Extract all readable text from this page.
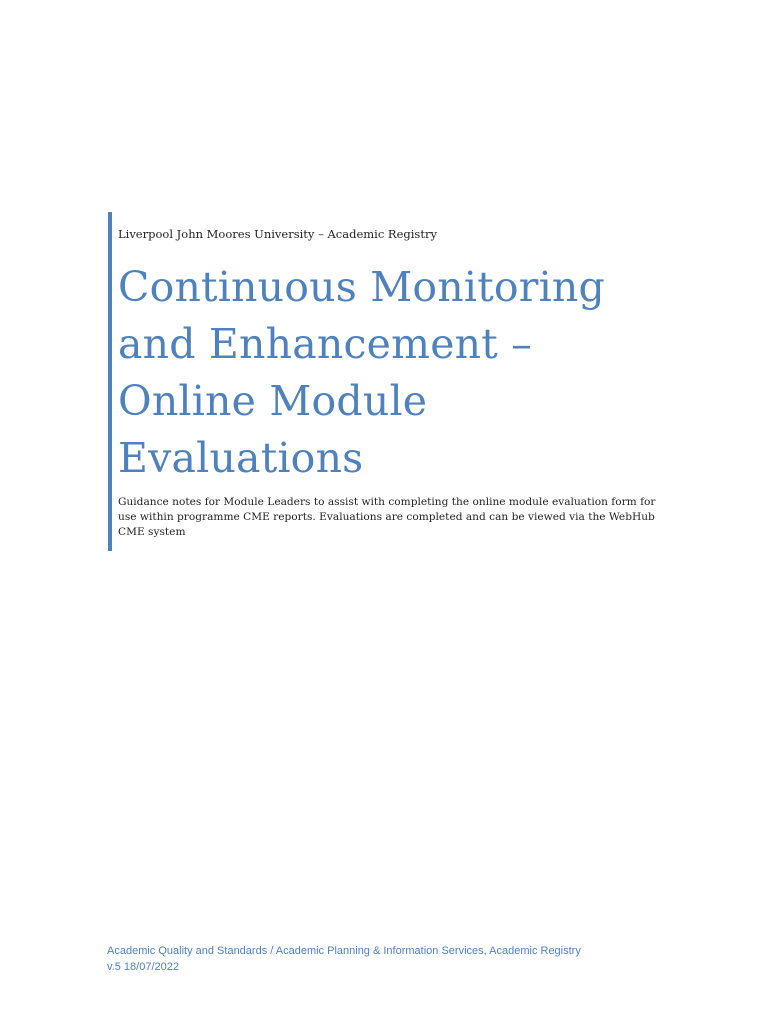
Liverpool John Moores University – Academic Registry

Continuous Monitoring
and Enhancement –
Online Module
Evaluations

Guidance notes for Module Leaders to assist with completing the online module evaluation form for use within programme CME reports. Evaluations are completed and can be viewed via the WebHub CME system

Academic Quality and Standards / Academic Planning & Information Services, Academic Registry
v.5 18/07/2022
